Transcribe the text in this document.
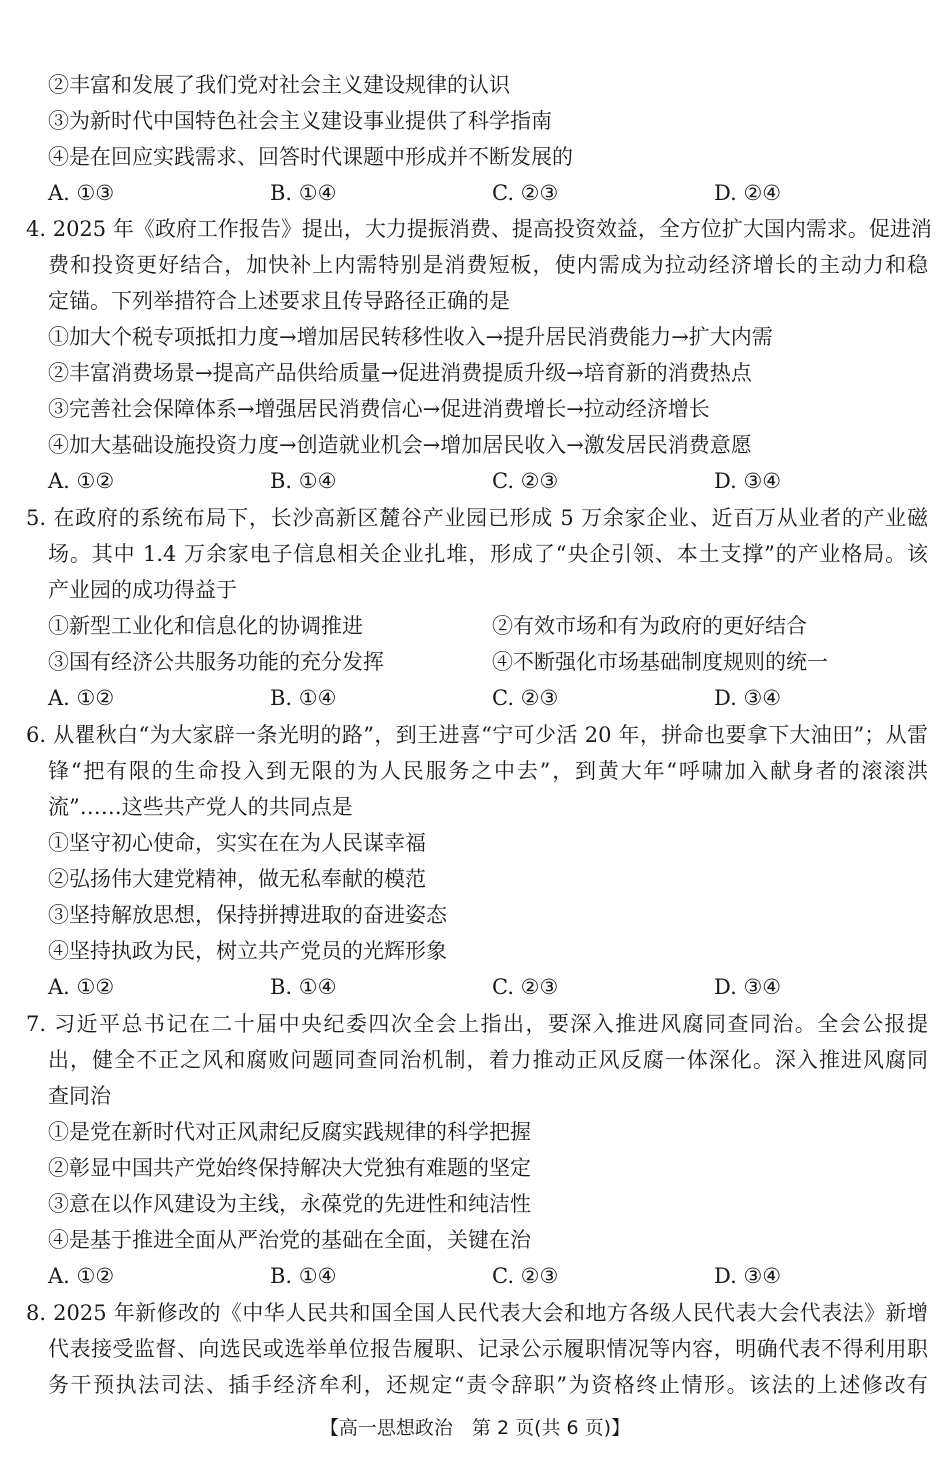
②丰富和发展了我们党对社会主义建设规律的认识
③为新时代中国特色社会主义建设事业提供了科学指南
④是在回应实践需求、回答时代课题中形成并不断发展的
A. ①③	B. ①④	C. ②③	D. ②④
4. 2025 年《政府工作报告》提出，大力提振消费、提高投资效益，全方位扩大国内需求。促进消
费和投资更好结合，加快补上内需特别是消费短板，使内需成为拉动经济增长的主动力和稳
定锚。下列举措符合上述要求且传导路径正确的是
①加大个税专项抵扣力度→增加居民转移性收入→提升居民消费能力→扩大内需
②丰富消费场景→提高产品供给质量→促进消费提质升级→培育新的消费热点
③完善社会保障体系→增强居民消费信心→促进消费增长→拉动经济增长
④加大基础设施投资力度→创造就业机会→增加居民收入→激发居民消费意愿
A. ①②	B. ①④	C. ②③	D. ③④
5. 在政府的系统布局下，长沙高新区麓谷产业园已形成 5 万余家企业、近百万从业者的产业磁
场。其中 1.4 万余家电子信息相关企业扎堆，形成了“央企引领、本土支撑”的产业格局。该
产业园的成功得益于
①新型工业化和信息化的协调推进	②有效市场和有为政府的更好结合
③国有经济公共服务功能的充分发挥	④不断强化市场基础制度规则的统一
A. ①②	B. ①④	C. ②③	D. ③④
6. 从瞿秋白“为大家辟一条光明的路”，到王进喜“宁可少活 20 年，拼命也要拿下大油田”；从雷
锋“把有限的生命投入到无限的为人民服务之中去”，到黄大年“呼啸加入献身者的滚滚洪
流”……这些共产党人的共同点是
①坚守初心使命，实实在在为人民谋幸福
②弘扬伟大建党精神，做无私奉献的模范
③坚持解放思想，保持拼搏进取的奋进姿态
④坚持执政为民，树立共产党员的光辉形象
A. ①②	B. ①④	C. ②③	D. ③④
7. 习近平总书记在二十届中央纪委四次全会上指出，要深入推进风腐同查同治。全会公报提
出，健全不正之风和腐败问题同查同治机制，着力推动正风反腐一体深化。深入推进风腐同
查同治
①是党在新时代对正风肃纪反腐实践规律的科学把握
②彰显中国共产党始终保持解决大党独有难题的坚定
③意在以作风建设为主线，永葆党的先进性和纯洁性
④是基于推进全面从严治党的基础在全面，关键在治
A. ①②	B. ①④	C. ②③	D. ③④
8. 2025 年新修改的《中华人民共和国全国人民代表大会和地方各级人民代表大会代表法》新增
代表接受监督、向选民或选举单位报告履职、记录公示履职情况等内容，明确代表不得利用职
务干预执法司法、插手经济牟利，还规定“责令辞职”为资格终止情形。该法的上述修改有
【高一思想政治　第 2 页(共 6 页)】
